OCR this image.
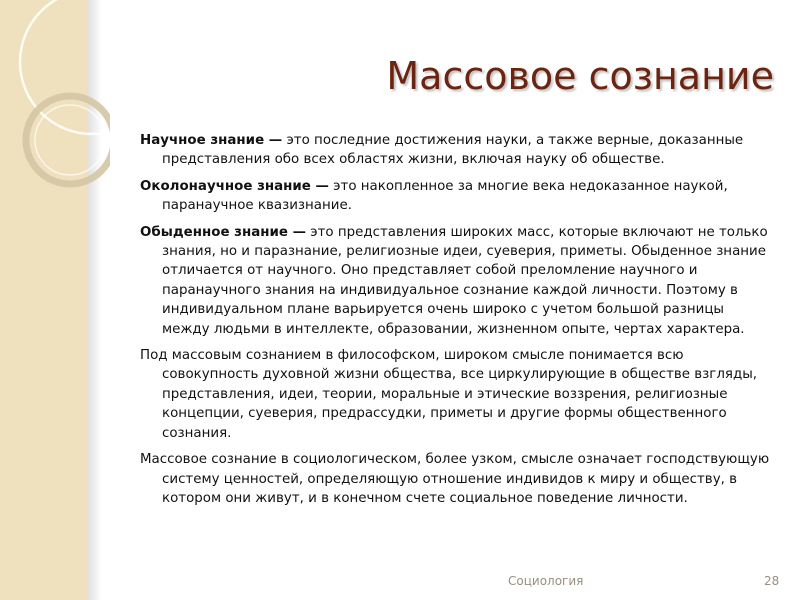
Массовое сознание

Научное знание — это последние достижения науки, а также верные, доказанные представления обо всех областях жизни, включая науку об обществе.

Околонаучное знание — это накопленное за многие века недоказанное наукой, паранаучное квазизнание.

Обыденное знание — это представления широких масс, которые включают не только знания, но и паразнание, религиозные идеи, суеверия, приметы. Обыденное знание отличается от научного. Оно представляет собой преломление научного и паранаучного знания на индивидуальное сознание каждой личности. Поэтому в индивидуальном плане варьируется очень широко с учетом большой разницы между людьми в интеллекте, образовании, жизненном опыте, чертах характера.

Под массовым сознанием в философском, широком смысле понимается всю совокупность духовной жизни общества, все циркулирующие в обществе взгляды, представления, идеи, теории, моральные и этические воззрения, религиозные концепции, суеверия, предрассудки, приметы и другие формы общественного сознания.

Массовое сознание в социологическом, более узком, смысле означает господствующую систему ценностей, определяющую отношение индивидов к миру и обществу, в котором они живут, и в конечном счете социальное поведение личности.

Социология	28
